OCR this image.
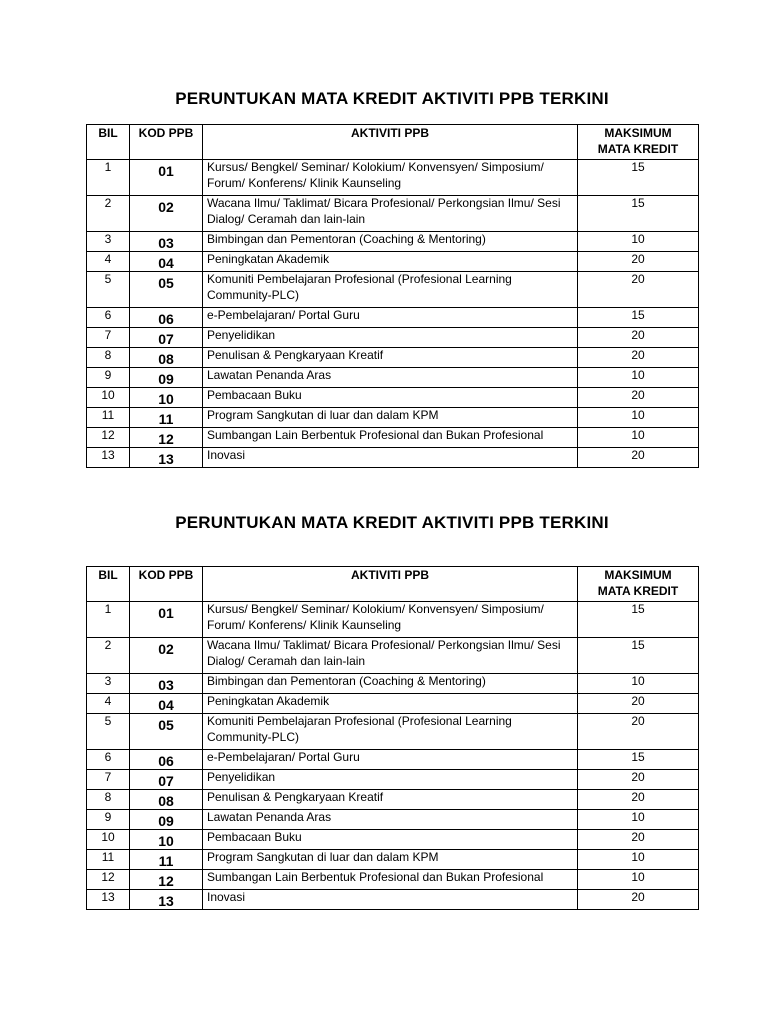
PERUNTUKAN MATA KREDIT AKTIVITI PPB TERKINI
BIL	KOD PPB	AKTIVITI PPB	MAKSIMUM
MATA KREDIT
1	01	Kursus/ Bengkel/ Seminar/ Kolokium/ Konvensyen/ Simposium/ Forum/ Konferens/ Klinik Kaunseling	15
2	02	Wacana Ilmu/ Taklimat/ Bicara Profesional/ Perkongsian Ilmu/ Sesi Dialog/ Ceramah dan lain-lain	15
3	03	Bimbingan dan Pementoran (Coaching & Mentoring)	10
4	04	Peningkatan Akademik	20
5	05	Komuniti Pembelajaran Profesional (Profesional Learning Community-PLC)	20
6	06	e-Pembelajaran/ Portal Guru	15
7	07	Penyelidikan	20
8	08	Penulisan & Pengkaryaan Kreatif	20
9	09	Lawatan Penanda Aras	10
10	10	Pembacaan Buku	20
11	11	Program Sangkutan di luar dan dalam KPM	10
12	12	Sumbangan Lain Berbentuk Profesional dan Bukan Profesional	10
13	13	Inovasi	20
PERUNTUKAN MATA KREDIT AKTIVITI PPB TERKINI
BIL	KOD PPB	AKTIVITI PPB	MAKSIMUM
MATA KREDIT
1	01	Kursus/ Bengkel/ Seminar/ Kolokium/ Konvensyen/ Simposium/ Forum/ Konferens/ Klinik Kaunseling	15
2	02	Wacana Ilmu/ Taklimat/ Bicara Profesional/ Perkongsian Ilmu/ Sesi Dialog/ Ceramah dan lain-lain	15
3	03	Bimbingan dan Pementoran (Coaching & Mentoring)	10
4	04	Peningkatan Akademik	20
5	05	Komuniti Pembelajaran Profesional (Profesional Learning Community-PLC)	20
6	06	e-Pembelajaran/ Portal Guru	15
7	07	Penyelidikan	20
8	08	Penulisan & Pengkaryaan Kreatif	20
9	09	Lawatan Penanda Aras	10
10	10	Pembacaan Buku	20
11	11	Program Sangkutan di luar dan dalam KPM	10
12	12	Sumbangan Lain Berbentuk Profesional dan Bukan Profesional	10
13	13	Inovasi	20
